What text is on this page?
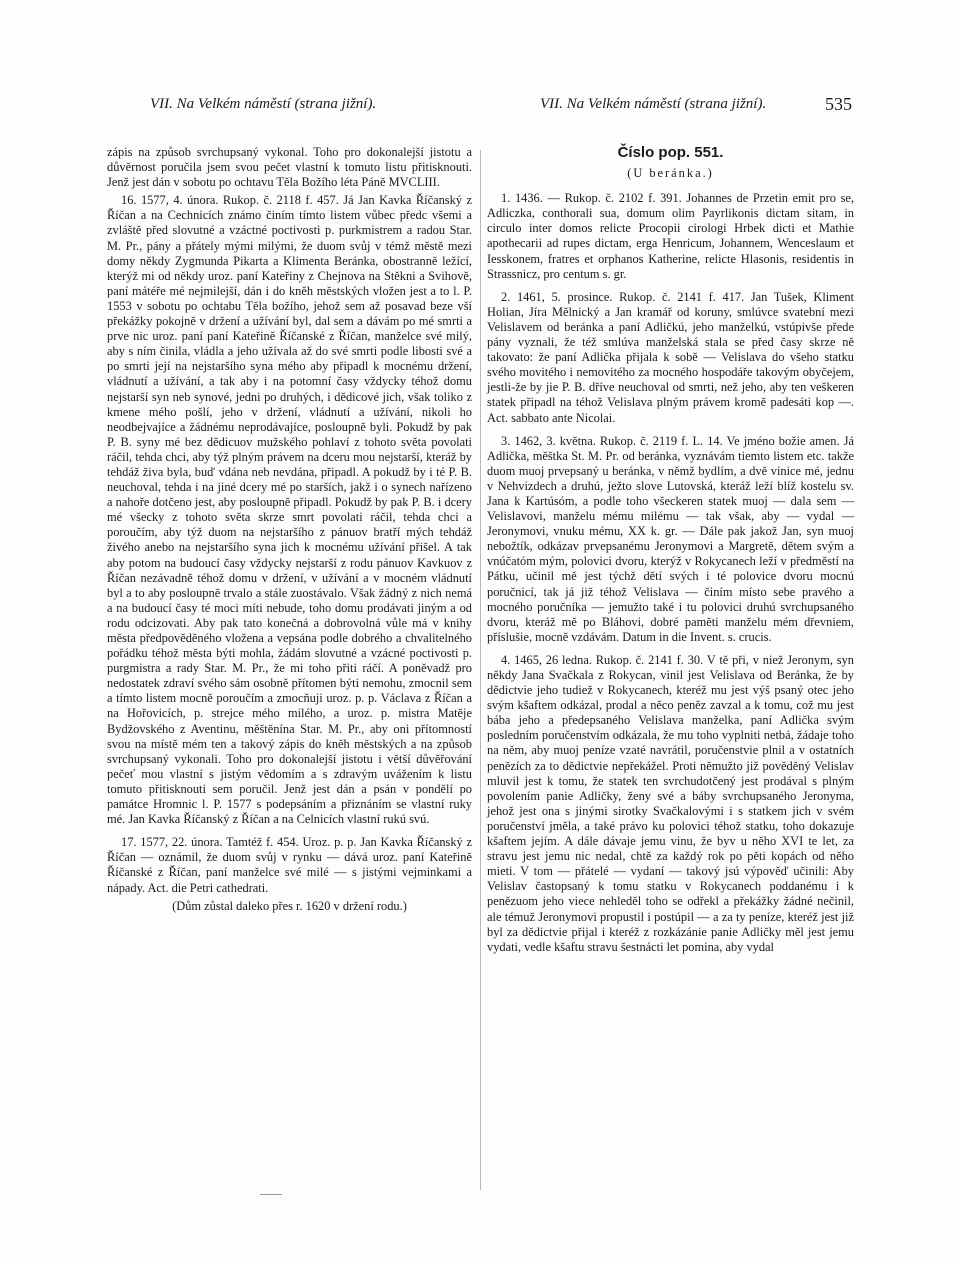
VII. Na Velkém náměstí (strana jižní).	VII. Na Velkém náměstí (strana jižní).	535

zápis na způsob svrchupsaný vykonal. Toho pro dokonalejší jistotu a důvěrnost poručila jsem svou pečet vlastní k tomuto listu přitisknouti. Jenž jest dán v sobotu po ochtavu Těla Božího léta Páně MVCLIII.

16. 1577, 4. února. Rukop. č. 2118 f. 457. Já Jan Kavka Říčanský z Říčan a na Cechnicích známo činím tímto listem vůbec předc všemi a zvláště před slovutné a vzáctné poctivosti p. purkmistrem a radou Star. M. Pr., pány a přátely mými milými, že duom svůj v témž městě mezi domy někdy Zygmunda Pikarta a Klimenta Beránka, obostranně ležící, kterýž mi od někdy uroz. paní Kateřiny z Chejnova na Stěkni a Svihově, paní mátéře mé nejmilejší, dán i do kněh městských vložen jest a to l. P. 1553 v sobotu po ochtabu Těla božího, jehož sem až posavad beze vší překážky pokojně v držení a užívání byl, dal sem a dávám po mé smrti a prve nic uroz. paní paní Kateřině Říčanské z Říčan, manželce své milý, aby s ním činila, vládla a jeho užívala až do své smrti podle libosti své a po smrti její na nejstaršího syna mého aby připadl k mocnému držení, vládnutí a užívání, a tak aby i na potomní časy vždycky téhož domu nejstarší syn neb synové, jedni po druhých, i dědicové jich, však toliko z kmene mého pošlí, jeho v držení, vládnutí a užívání, nikoli ho neodbejvajíce a žádnému neprodávajíce, posloupně byli. Pokudž by pak P. B. syny mé bez dědicuov mužského pohlaví z tohoto světa povolati ráčil, tehda chci, aby týž plným právem na dceru mou nejstarší, kteráž by tehdáž živa byla, buď vdána neb nevdána, připadl. A pokudž by i té P. B. neuchoval, tehda i na jiné dcery mé po starších, jakž i o synech nařízeno a nahoře dotčeno jest, aby posloupně připadl. Pokudž by pak P. B. i dcery mé všecky z tohoto světa skrze smrt povolati ráčil, tehda chci a poroučím, aby týž duom na nejstaršího z pánuov bratří mých tehdáž živého anebo na nejstaršího syna jich k mocnému užívání přišel. A tak aby potom na budoucí časy vždycky nejstarší z rodu pánuov Kavkuov z Říčan nezávadně téhož domu v držení, v užívání a v mocném vládnutí byl a to aby posloupně trvalo a stále zuostávalo. Však žádný z nich nemá a na budoucí časy té moci míti nebude, toho domu prodávati jiným a od rodu odcizovati. Aby pak tato konečná a dobrovolná vůle má v knihy města předpověděného vložena a vepsána podle dobrého a chvalitelného pořádku téhož města býti mohla, žádám slovutné a vzácné poctivosti p. purgmistra a rady Star. M. Pr., že mi toho přiti ráčí. A poněvadž pro nedostatek zdraví svého sám osobně přítomen býti nemohu, zmocnil sem a tímto listem mocně poroučím a zmocňuji uroz. p. p. Václava z Říčan a na Hořovicích, p. strejce mého milého, a uroz. p. mistra Matěje Bydžovského z Aventinu, měštěnína Star. M. Pr., aby oni přítomností svou na místě mém ten a takový zápis do kněh městských a na způsob svrchupsaný vykonali. Toho pro dokonalejší jistotu i větší důvěřování pečeť mou vlastní s jistým vědomím a s zdravým uvážením k listu tomuto přitisknouti sem poručil. Jenž jest dán a psán v pondělí po památce Hromnic l. P. 1577 s podepsáním a přiznáním se vlastní ruky mé. Jan Kavka Říčanský z Říčan a na Celnicích vlastní rukú svú.

17. 1577, 22. února. Tamtéž f. 454. Uroz. p. p. Jan Kavka Říčanský z Říčan — oznámil, že duom svůj v rynku — dává uroz. paní Kateřině Říčanské z Říčan, paní manželce své milé — s jistými vejminkami a nápady. Act. die Petri cathedrati.

(Dům zůstal daleko přes r. 1620 v držení rodu.)

Číslo pop. 551.
(U beránka.)

1. 1436. — Rukop. č. 2102 f. 391. Johannes de Przetin emit pro se, Adliczka, conthorali sua, domum olim Payrlikonis dictam sitam, in circulo inter domos relicte Procopii cirologi Hrbek dicti et Mathie apothecarii ad rupes dictam, erga Henricum, Johannem, Wenceslaum et Iesskonem, fratres et orphanos Katherine, relicte Hlasonis, residentis in Strassnicz, pro centum s. gr.

2. 1461, 5. prosince. Rukop. č. 2141 f. 417. Jan Tušek, Kliment Holian, Jíra Mělnický a Jan kramář od koruny, smlúvce svatební mezi Velislavem od beránka a paní Adličkú, jeho manželkú, vstúpivše přede pány vyznali, že též smlúva manželská stala se před časy skrze ně takovato: že paní Adlička přijala k sobě — Velislava do všeho statku svého movitého i nemovitého za mocného hospodáře takovým obyčejem, jestli-že by jie P. B. dříve neuchoval od smrti, než jeho, aby ten veškeren statek připadl na téhož Velislava plným právem kromě padesáti kop —. Act. sabbato ante Nicolai.

3. 1462, 3. května. Rukop. č. 2119 f. L. 14. Ve jméno božie amen. Já Adlička, měštka St. M. Pr. od beránka, vyznávám tiemto listem etc. takže duom muoj prvepsaný u beránka, v němž bydlím, a dvě vinice mé, jednu v Nehvizdech a druhú, ježto slove Lutovská, kteráž leží blíž kostelu sv. Jana k Kartúsóm, a podle toho všeckeren statek muoj — dala sem — Velislavovi, manželu mému milému — tak však, aby — vydal — Jeronymovi, vnuku mému, XX k. gr. — Dále pak jakož Jan, syn muoj nebožtík, odkázav prvepsanému Jeronymovi a Margretě, dětem svým a vnúčatóm mým, polovici dvoru, kterýž v Rokycanech leží v předměstí na Pátku, učinil mě jest týchž dětí svých i té polovice dvoru mocnú poručnicí, tak já již téhož Velislava — činím místo sebe pravého a mocného poručníka — jemužto také i tu polovici druhú svrchupsaného dvoru, kteráž mě po Bláhovi, dobré paměti manželu mém dřevniem, příslušie, mocně vzdávám. Datum in die Invent. s. crucis.

4. 1465, 26 ledna. Rukop. č. 2141 f. 30. V tě při, v niež Jeronym, syn někdy Jana Svačkala z Rokycan, vinil jest Velislava od Beránka, že by dědictvie jeho tudiež v Rokycanech, kteréž mu jest výš psaný otec jeho svým kšaftem odkázal, prodal a něco peněz zavzal a k tomu, což mu jest bába jeho a předepsaného Velislava manželka, paní Adlička svým posledním poručenstvím odkázala, že mu toho vyplniti netbá, žádaje toho na něm, aby muoj peníze vzaté navrátil, poručenstvie plnil a v ostatních penězích za to dědictvie nepřekážel. Proti němužto již pověděný Velislav mluvil jest k tomu, že statek ten svrchudotčený jest prodával s plným povolením panie Adličky, ženy své a báby svrchupsaného Jeronyma, jehož jest ona s jinými sirotky Svačkalovými i s statkem jich v svém poručenství jměla, a také právo ku polovici téhož statku, toho dokazuje kšaftem jejím. A dále dávaje jemu vinu, že byv u něho XVI te let, za stravu jest jemu nic nedal, chtě za každý rok po pěti kopách od něho mieti. V tom — přátelé — vydaní — takový jsú výpověď učinili: Aby Velislav častopsaný k tomu statku v Rokycanech poddanému i k penězuom jeho viece nehleděl toho se odřekl a překážky žádné nečinil, ale témuž Jeronymovi propustil i postúpil — a za ty peníze, kteréž jest již byl za dědictvie přijal i kteréž z rozkázánie panie Adličky měl jest jemu vydati, vedle kšaftu stravu šestnácti let pomina, aby vydal
